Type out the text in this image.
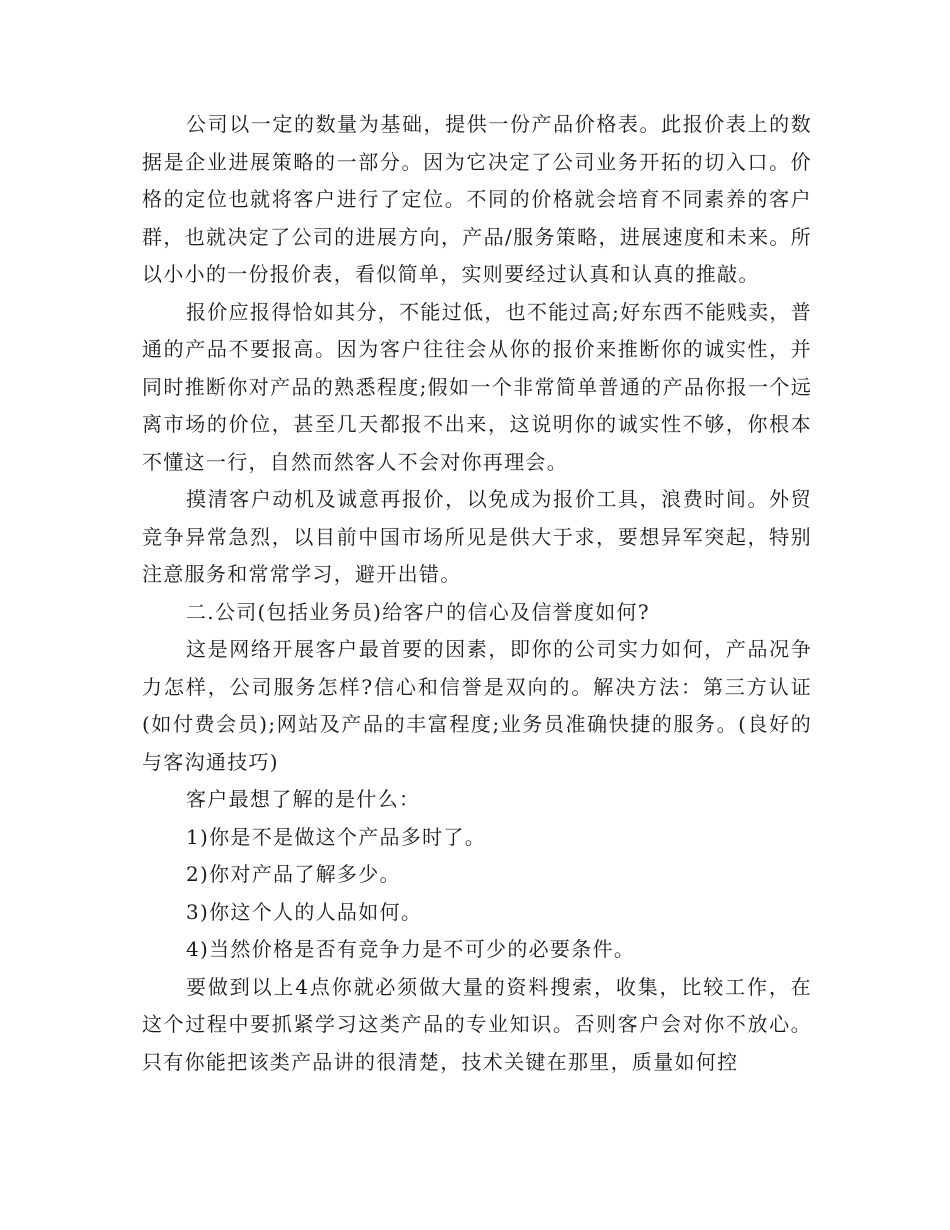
公司以一定的数量为基础，提供一份产品价格表。此报价表上的数据是企业进展策略的一部分。因为它决定了公司业务开拓的切入口。价格的定位也就将客户进行了定位。不同的价格就会培育不同素养的客户群，也就决定了公司的进展方向，产品/服务策略，进展速度和未来。所以小小的一份报价表，看似简单，实则要经过认真和认真的推敲。

报价应报得恰如其分，不能过低，也不能过高;好东西不能贱卖，普通的产品不要报高。因为客户往往会从你的报价来推断你的诚实性，并同时推断你对产品的熟悉程度;假如一个非常简单普通的产品你报一个远离市场的价位，甚至几天都报不出来，这说明你的诚实性不够，你根本不懂这一行，自然而然客人不会对你再理会。

摸清客户动机及诚意再报价，以免成为报价工具，浪费时间。外贸竞争异常急烈，以目前中国市场所见是供大于求，要想异军突起，特别注意服务和常常学习，避开出错。

二.公司(包括业务员)给客户的信心及信誉度如何?

这是网络开展客户最首要的因素，即你的公司实力如何，产品况争力怎样，公司服务怎样?信心和信誉是双向的。解决方法：第三方认证(如付费会员);网站及产品的丰富程度;业务员准确快捷的服务。(良好的与客沟通技巧)

客户最想了解的是什么：

1)你是不是做这个产品多时了。

2)你对产品了解多少。

3)你这个人的人品如何。

4)当然价格是否有竞争力是不可少的必要条件。

要做到以上4点你就必须做大量的资料搜索，收集，比较工作，在这个过程中要抓紧学习这类产品的专业知识。否则客户会对你不放心。只有你能把该类产品讲的很清楚，技术关键在那里，质量如何控
